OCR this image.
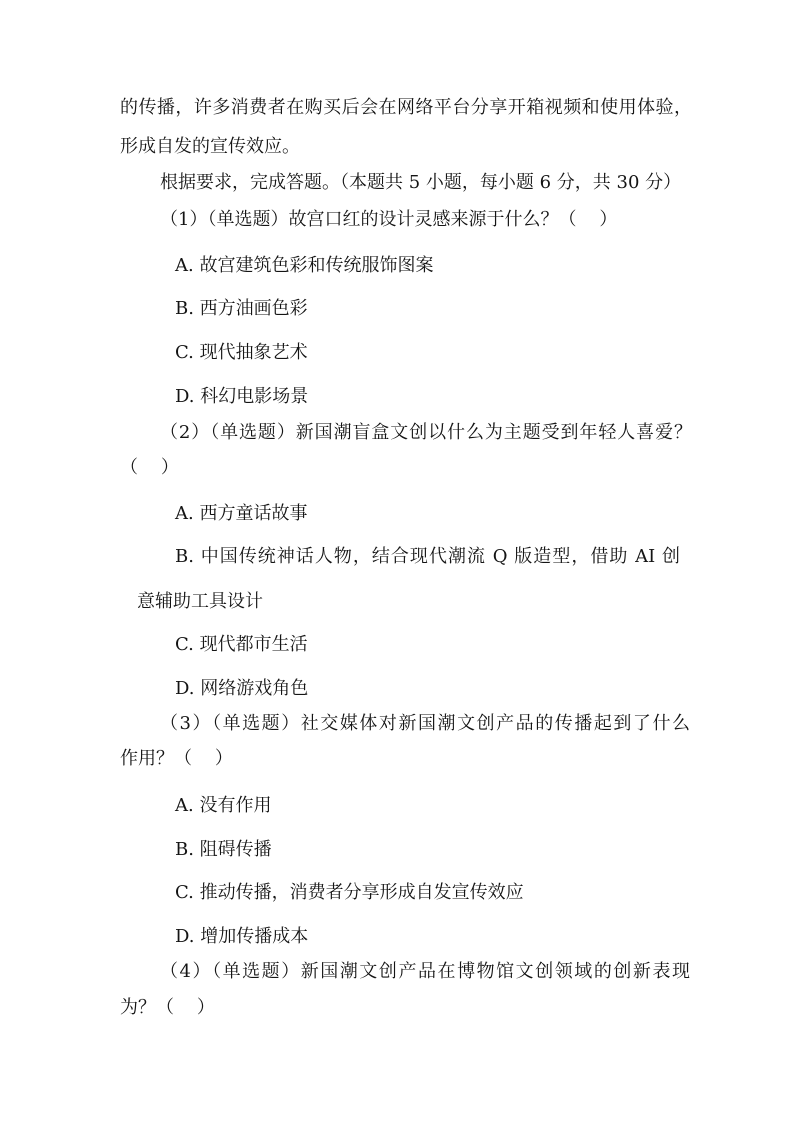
的传播，许多消费者在购买后会在网络平台分享开箱视频和使用体验，
形成自发的宣传效应。
根据要求，完成答题。（本题共 5 小题，每小题 6 分，共 30 分）
（1）（单选题）故宫口红的设计灵感来源于什么？（    ）
A. 故宫建筑色彩和传统服饰图案
B. 西方油画色彩
C. 现代抽象艺术
D. 科幻电影场景
（2）（单选题）新国潮盲盒文创以什么为主题受到年轻人喜爱？
（    ）
A. 西方童话故事
B. 中国传统神话人物，结合现代潮流 Q 版造型，借助 AI 创
意辅助工具设计
C. 现代都市生活
D. 网络游戏角色
（3）（单选题）社交媒体对新国潮文创产品的传播起到了什么
作用？（    ）
A. 没有作用
B. 阻碍传播
C. 推动传播，消费者分享形成自发宣传效应
D. 增加传播成本
（4）（单选题）新国潮文创产品在博物馆文创领域的创新表现
为？（    ）
